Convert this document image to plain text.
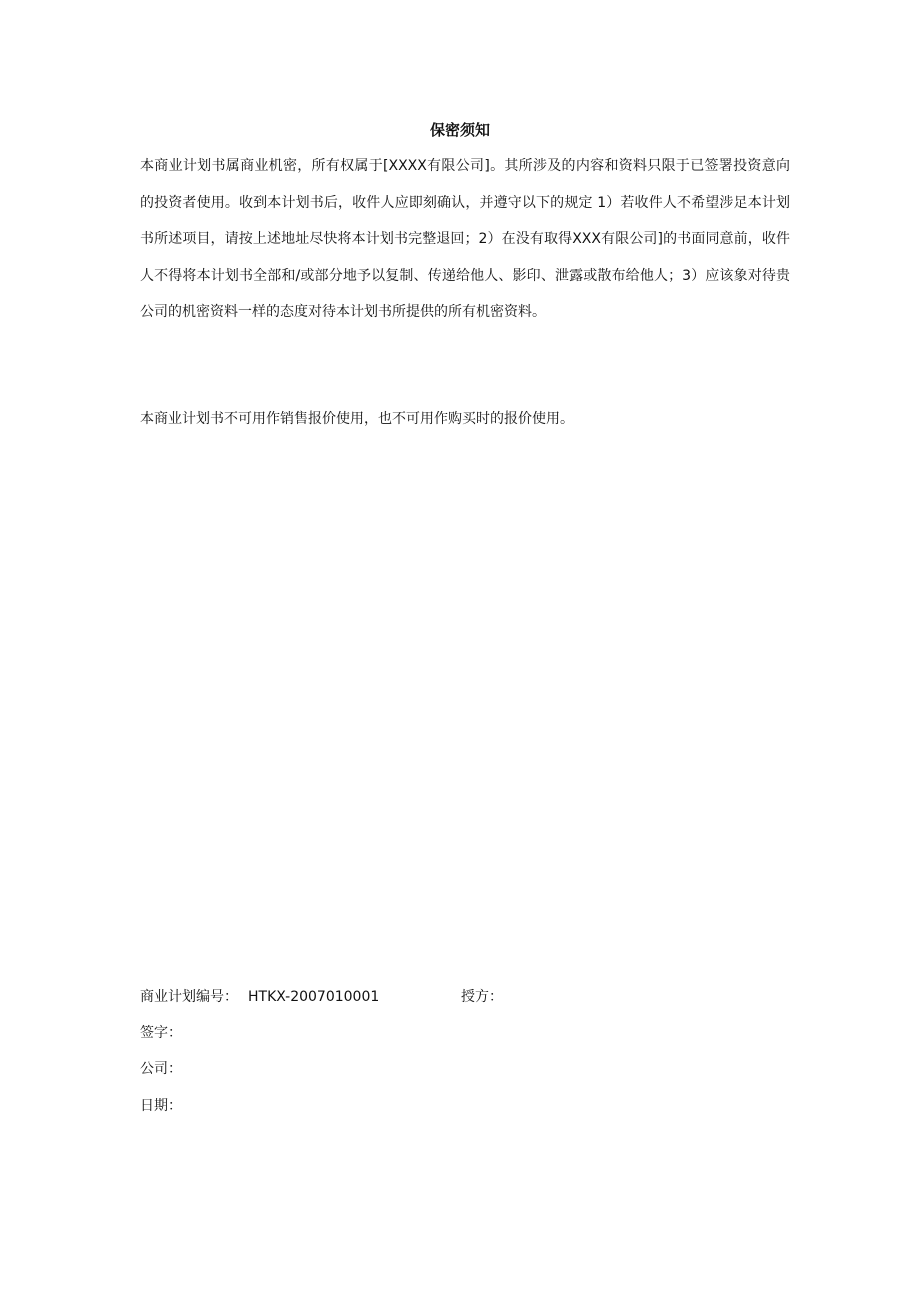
保密须知
本商业计划书属商业机密，所有权属于[XXXX有限公司]。其所涉及的内容和资料只限于已签署投资意向的投资者使用。收到本计划书后，收件人应即刻确认，并遵守以下的规定 1）若收件人不希望涉足本计划书所述项目，请按上述地址尽快将本计划书完整退回；2）在没有取得XXX有限公司]的书面同意前，收件人不得将本计划书全部和/或部分地予以复制、传递给他人、影印、泄露或散布给他人；3）应该象对待贵公司的机密资料一样的态度对待本计划书所提供的所有机密资料。
本商业计划书不可用作销售报价使用，也不可用作购买时的报价使用。
商业计划编号： HTKX-2007010001	授方：
签字：
公司：
日期：
